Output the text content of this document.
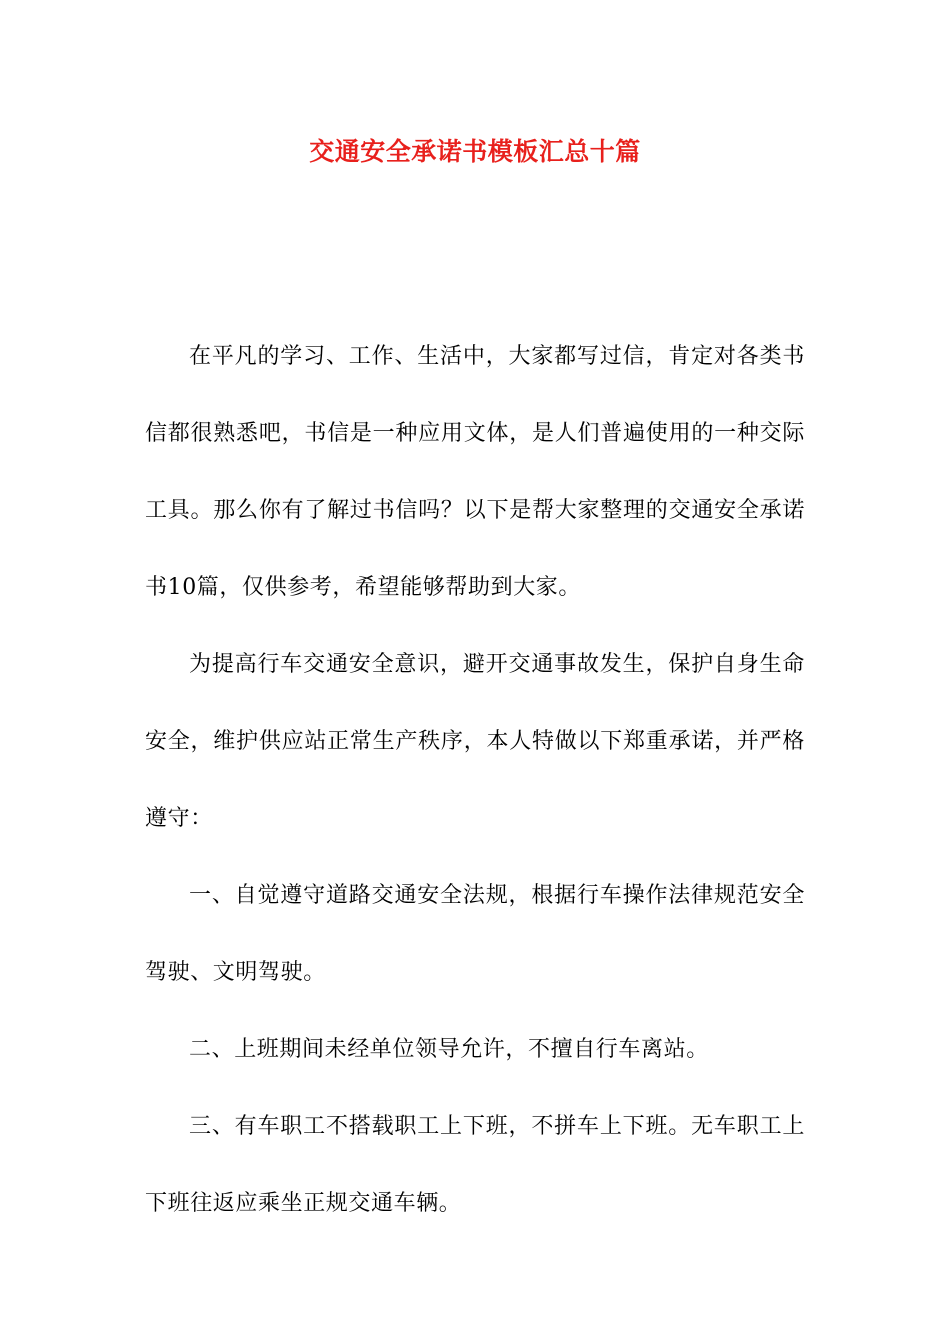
交通安全承诺书模板汇总十篇

在平凡的学习、工作、生活中，大家都写过信，肯定对各类书信都很熟悉吧，书信是一种应用文体，是人们普遍使用的一种交际工具。那么你有了解过书信吗？以下是帮大家整理的交通安全承诺书10篇，仅供参考，希望能够帮助到大家。

为提高行车交通安全意识，避开交通事故发生，保护自身生命安全，维护供应站正常生产秩序，本人特做以下郑重承诺，并严格遵守：

一、自觉遵守道路交通安全法规，根据行车操作法律规范安全驾驶、文明驾驶。

二、上班期间未经单位领导允许，不擅自行车离站。

三、有车职工不搭载职工上下班，不拼车上下班。无车职工上下班往返应乘坐正规交通车辆。
